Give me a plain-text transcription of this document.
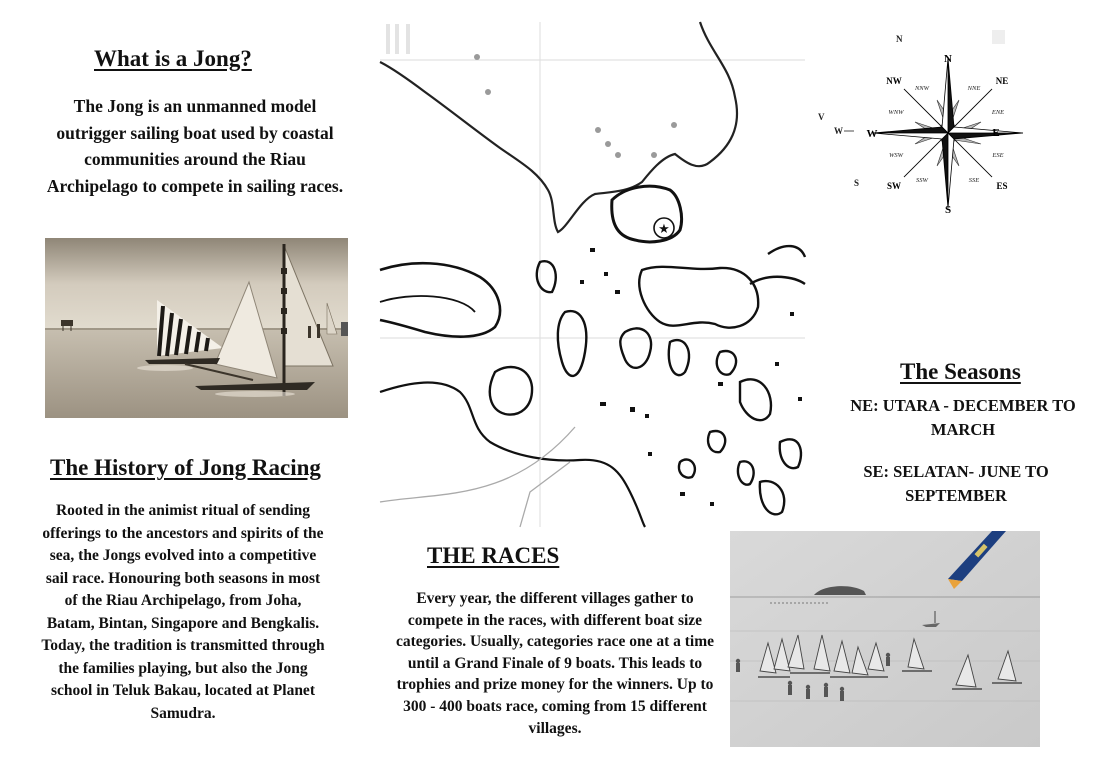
What is a Jong?
The Jong is an unmanned model outrigger sailing boat used by coastal communities around the Riau Archipelago to compete in sailing races.
The History of Jong Racing
Rooted in the animist ritual of sending offerings to the ancestors and spirits of the sea, the Jongs evolved into a competitive sail race. Honouring both seasons in most of the Riau Archipelago, from Joha, Batam, Bintan, Singapore and Bengkalis.
Today, the tradition is transmitted through the families playing, but also the Jong school in Teluk Bakau, located at Planet Samudra.
★
N
E
S
W
NE
ES
SW
NW
NNE
ENE
ESE
SSE
SSW
WSW
WNW
NNW
N
V
W
S
The Seasons
NE: UTARA - DECEMBER TO MARCH
SE: SELATAN- JUNE TO SEPTEMBER
THE RACES
Every year, the different villages gather to compete in the races, with different boat size categories. Usually, categories race one at a time until a Grand Finale of 9 boats. This leads to trophies and prize money for the winners. Up to 300 - 400 boats race, coming from 15 different villages.
